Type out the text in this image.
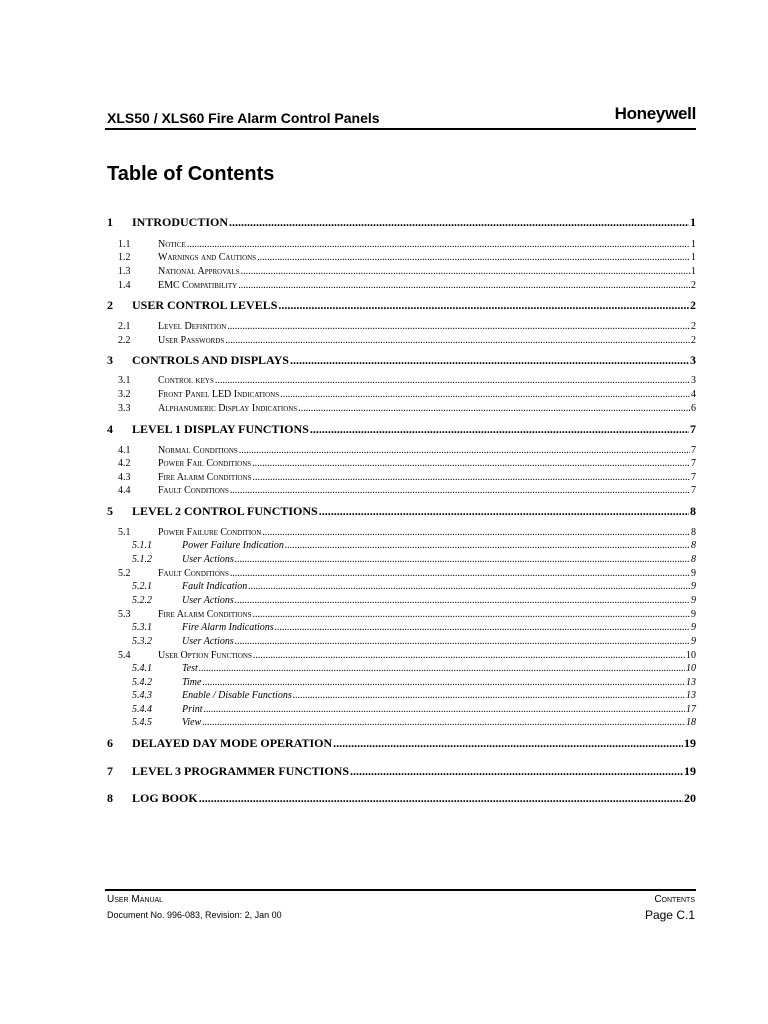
XLS50 / XLS60 Fire Alarm Control Panels	Honeywell
Table of Contents
1	INTRODUCTION .....	1
1.1	Notice .....	1
1.2	Warnings and Cautions .....	1
1.3	National Approvals .....	1
1.4	EMC Compatibility .....	2
2	USER CONTROL LEVELS .....	2
2.1	Level Definition .....	2
2.2	User Passwords .....	2
3	CONTROLS AND DISPLAYS .....	3
3.1	Control keys .....	3
3.2	Front Panel LED Indications .....	4
3.3	Alphanumeric Display Indications .....	6
4	LEVEL 1 DISPLAY FUNCTIONS .....	7
4.1	Normal Conditions .....	7
4.2	Power Fail Conditions .....	7
4.3	Fire Alarm Conditions .....	7
4.4	Fault Conditions .....	7
5	LEVEL 2 CONTROL FUNCTIONS .....	8
5.1	Power Failure Condition .....	8
5.1.1	Power Failure Indication .....	8
5.1.2	User Actions .....	8
5.2	Fault Conditions .....	9
5.2.1	Fault Indication .....	9
5.2.2	User Actions .....	9
5.3	Fire Alarm Conditions .....	9
5.3.1	Fire Alarm Indications .....	9
5.3.2	User Actions .....	9
5.4	User Option Functions .....	10
5.4.1	Test .....	10
5.4.2	Time .....	13
5.4.3	Enable / Disable Functions .....	13
5.4.4	Print .....	17
5.4.5	View .....	18
6	DELAYED DAY MODE OPERATION .....	19
7	LEVEL 3 PROGRAMMER FUNCTIONS .....	19
8	LOG BOOK .....	20
User Manual
Document No. 996-083, Revision: 2, Jan 00
Contents
Page C.1
